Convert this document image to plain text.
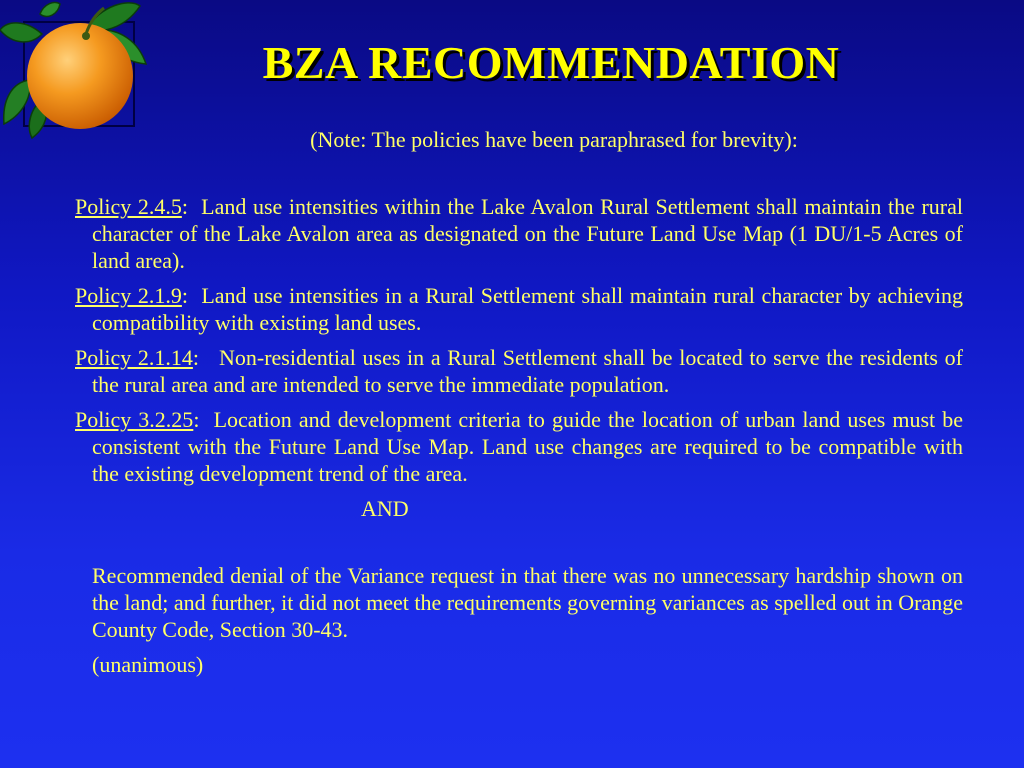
BZA RECOMMENDATION
(Note: The policies have been paraphrased for brevity):

Policy 2.4.5:  Land use intensities within the Lake Avalon Rural Settlement shall maintain the rural character of the Lake Avalon area as designated on the Future Land Use Map (1 DU/1-5 Acres of land area).

Policy 2.1.9:  Land use intensities in a Rural Settlement shall maintain rural character by achieving compatibility with existing land uses.

Policy 2.1.14:   Non-residential uses in a Rural Settlement shall be located to serve the residents of the rural area and are intended to serve the immediate population.

Policy 3.2.25:  Location and development criteria to guide the location of urban land uses must be consistent with the Future Land Use Map. Land use changes are required to be compatible with the existing development trend of the area.

AND

Recommended denial of the Variance request in that there was no unnecessary hardship shown on the land; and further, it did not meet the requirements governing variances as spelled out in Orange County Code, Section 30-43.

(unanimous)
